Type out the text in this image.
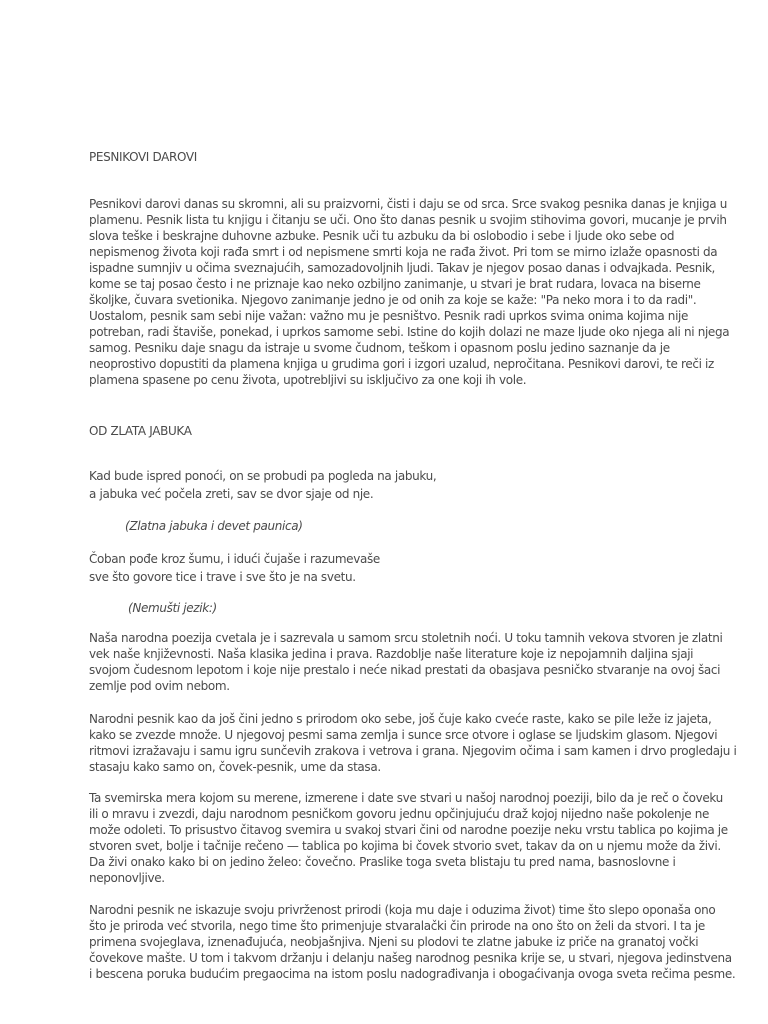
PESNIKOVI DAROVI
Pesnikovi darovi danas su skromni, ali su praizvorni, čisti i daju se od srca. Srce svakog pesnika danas je knjiga u
plamenu. Pesnik lista tu knjigu i čitanju se uči. Ono što danas pesnik u svojim stihovima govori, mucanje je prvih
slova teške i beskrajne duhovne azbuke. Pesnik uči tu azbuku da bi oslobodio i sebe i ljude oko sebe od
nepismenog života koji rađa smrt i od nepismene smrti koja ne rađa život. Pri tom se mirno izlaže opasnosti da
ispadne sumnjiv u očima sveznajućih, samozadovoljnih ljudi. Takav je njegov posao danas i odvajkada. Pesnik,
kome se taj posao često i ne priznaje kao neko ozbiljno zanimanje, u stvari je brat rudara, lovaca na biserne
školjke, čuvara svetionika. Njegovo zanimanje jedno je od onih za koje se kaže: "Pa neko mora i to da radi".
Uostalom, pesnik sam sebi nije važan: važno mu je pesništvo. Pesnik radi uprkos svima onima kojima nije
potreban, radi štaviše, ponekad, i uprkos samome sebi. Istine do kojih dolazi ne maze ljude oko njega ali ni njega
samog. Pesniku daje snagu da istraje u svome čudnom, teškom i opasnom poslu jedino saznanje da je
neoprostivo dopustiti da plamena knjiga u grudima gori i izgori uzalud, nepročitana. Pesnikovi darovi, te reči iz
plamena spasene po cenu života, upotrebljivi su isključivo za one koji ih vole.
OD ZLATA JABUKA
Kad bude ispred ponoći, on se probudi pa pogleda na jabuku,
a jabuka već počela zreti, sav se dvor sjaje od nje.

(Zlatna jabuka i devet paunica)

Čoban pođe kroz šumu, i idući čujaše i razumevaše
sve što govore tice i trave i sve što je na svetu.

(Nemušti jezik:)

Naša narodna poezija cvetala je i sazrevala u samom srcu stoletnih noći. U toku tamnih vekova stvoren je zlatni
vek naše književnosti. Naša klasika jedina i prava. Razdoblje naše literature koje iz nepojamnih daljina sjaji
svojom čudesnom lepotom i koje nije prestalo i neće nikad prestati da obasjava pesničko stvaranje na ovoj šaci
zemlje pod ovim nebom.
Narodni pesnik kao da još čini jedno s prirodom oko sebe, još čuje kako cveće raste, kako se pile leže iz jajeta,
kako se zvezde množe. U njegovoj pesmi sama zemlja i sunce srce otvore i oglase se ljudskim glasom. Njegovi
ritmovi izražavaju i samu igru sunčevih zrakova i vetrova i grana. Njegovim očima i sam kamen i drvo progledaju i
stasaju kako samo on, čovek-pesnik, ume da stasa.
Ta svemirska mera kojom su merene, izmerene i date sve stvari u našoj narodnoj poeziji, bilo da je reč o čoveku
ili o mravu i zvezdi, daju narodnom pesničkom govoru jednu opčinjujuću draž kojoj nijedno naše pokolenje ne
može odoleti. To prisustvo čitavog svemira u svakoj stvari čini od narodne poezije neku vrstu tablica po kojima je
stvoren svet, bolje i tačnije rečeno — tablica po kojima bi čovek stvorio svet, takav da on u njemu može da živi.
Da živi onako kako bi on jedino želeo: čovečno. Praslike toga sveta blistaju tu pred nama, basnoslovne i
neponovljive.
Narodni pesnik ne iskazuje svoju privrženost prirodi (koja mu daje i oduzima život) time što slepo oponaša ono
što je priroda već stvorila, nego time što primenjuje stvaralački čin prirode na ono što on želi da stvori. I ta je
primena svojeglava, iznenađujuća, neobjašnjiva. Njeni su plodovi te zlatne jabuke iz priče na granatoj vočki
čovekove mašte. U tom i takvom držanju i delanju našeg narodnog pesnika krije se, u stvari, njegova jedinstvena
i bescena poruka budućim pregaocima na istom poslu nadograđivanja i obogaćivanja ovoga sveta rečima pesme.
